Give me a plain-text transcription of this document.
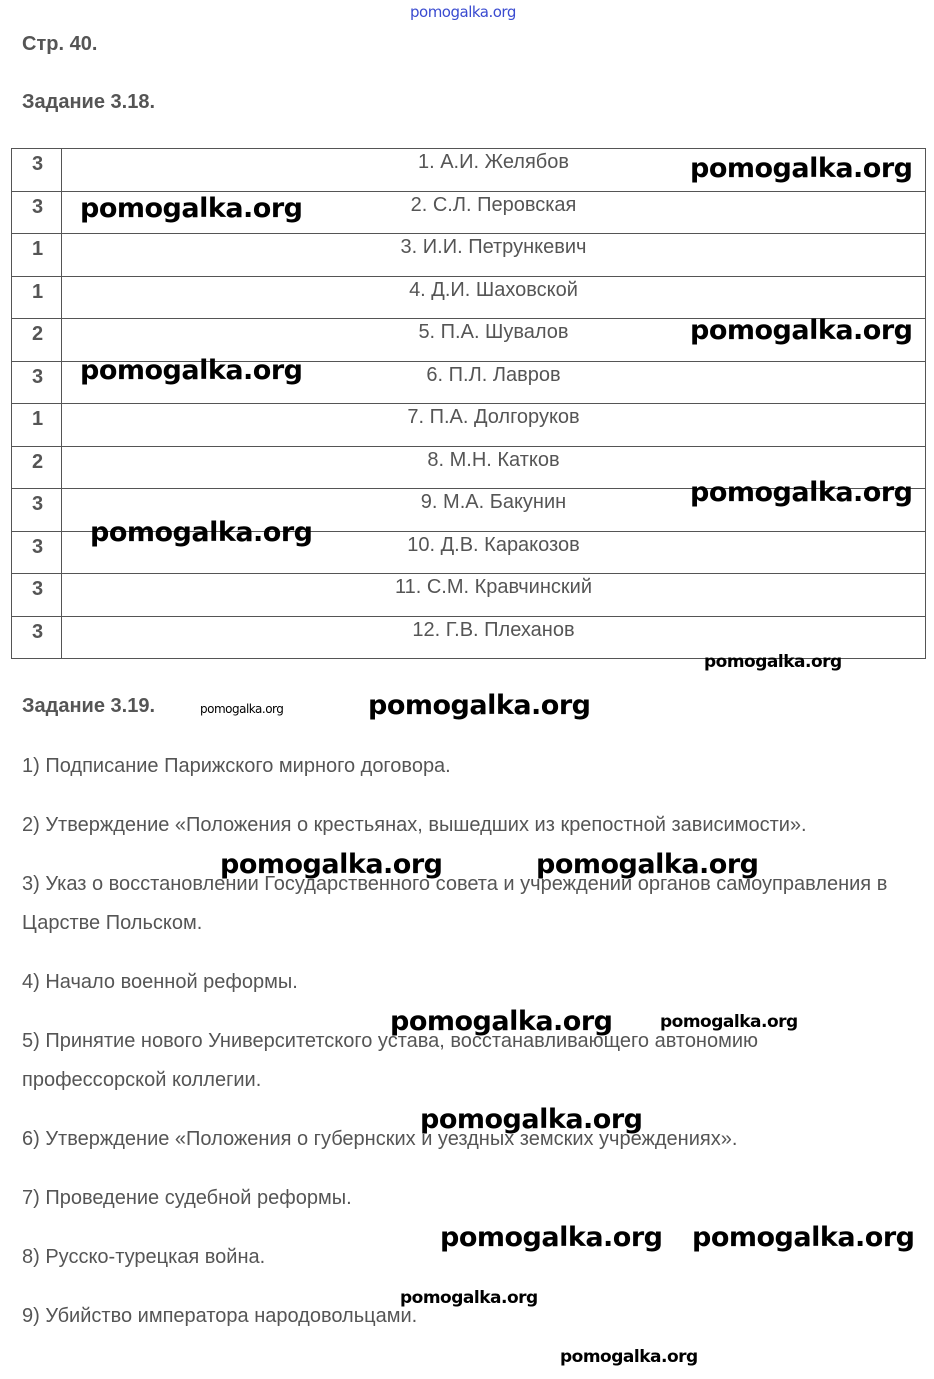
Стр. 40.
Задание 3.18.
3	1. А.И. Желябов
3	2. С.Л. Перовская
1	3. И.И. Петрункевич
1	4. Д.И. Шаховской
2	5. П.А. Шувалов
3	6. П.Л. Лавров
1	7. П.А. Долгоруков
2	8. М.Н. Катков
3	9. М.А. Бакунин
3	10. Д.В. Каракозов
3	11. С.М. Кравчинский
3	12. Г.В. Плеханов
Задание 3.19.

1) Подписание Парижского мирного договора.

2) Утверждение «Положения о крестьянах, вышедших из крепостной зависимости».

3) Указ о восстановлении Государственного совета и учреждении органов самоуправления в Царстве Польском.

4) Начало военной реформы.

5) Принятие нового Университетского устава, восстанавливающего автономию профессорской коллегии.

6) Утверждение «Положения о губернских и уездных земских учреждениях».

7) Проведение судебной реформы.

8) Русско-турецкая война.

9) Убийство императора народовольцами.

pomogalka.org
pomogalka.org
pomogalka.org
pomogalka.org
pomogalka.org
pomogalka.org
pomogalka.org
pomogalka.org
pomogalka.org	pomogalka.org
pomogalka.org	pomogalka.org
pomogalka.org
pomogalka.org
pomogalka.org
pomogalka.org
pomogalka.org pomogalka.org
pomogalka.org
